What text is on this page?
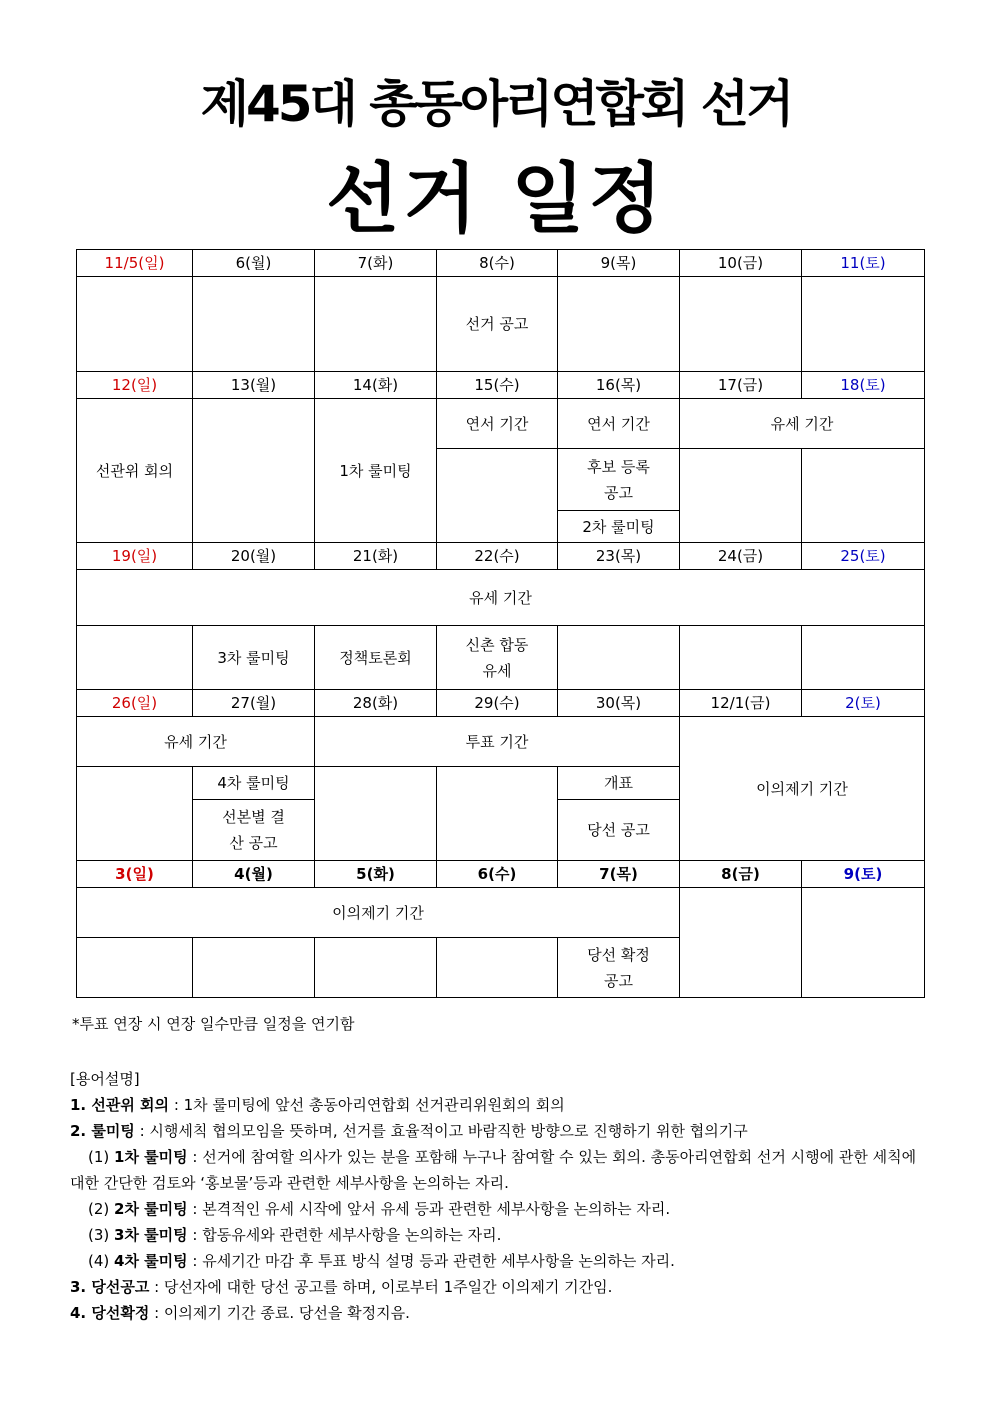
제45대 총동아리연합회 선거
선거 일정
11/5(일)	6(월)	7(화)	8(수)	9(목)	10(금)	11(토)
			선거 공고			
12(일)	13(월)	14(화)	15(수)	16(목)	17(금)	18(토)
선관위 회의		1차 룰미팅	연서 기간	연서 기간	유세 기간	
				후보 등록 공고		
				2차 룰미팅		
19(일)	20(월)	21(화)	22(수)	23(목)	24(금)	25(토)
유세 기간						
	3차 룰미팅	정책토론회	신촌 합동유세			
26(일)	27(월)	28(화)	29(수)	30(목)	12/1(금)	2(토)
유세 기간		투표 기간			이의제기 기간	
	4차 룰미팅			개표		
	선본별 결산 공고			당선 공고		
3(일)	4(월)	5(화)	6(수)	7(목)	8(금)	9(토)
이의제기 기간						
				당선 확정 공고		
*투표 연장 시 연장 일수만큼 일정을 연기함

[용어설명]

1. 선관위 회의 : 1차 룰미팅에 앞선 총동아리연합회 선거관리위원회의 회의

2. 룰미팅 : 시행세칙 협의모임을 뜻하며, 선거를 효율적이고 바람직한 방향으로 진행하기 위한 협의기구

(1) 1차 룰미팅 : 선거에 참여할 의사가 있는 분을 포함해 누구나 참여할 수 있는 회의. 총동아리연합회 선거 시행에 관한 세칙에 대한 간단한 검토와 ‘홍보물’등과 관련한 세부사항을 논의하는 자리.

(2) 2차 룰미팅 : 본격적인 유세 시작에 앞서 유세 등과 관련한 세부사항을 논의하는 자리.

(3) 3차 룰미팅 : 합동유세와 관련한 세부사항을 논의하는 자리.

(4) 4차 룰미팅 : 유세기간 마감 후 투표 방식 설명 등과 관련한 세부사항을 논의하는 자리.

3. 당선공고 : 당선자에 대한 당선 공고를 하며, 이로부터 1주일간 이의제기 기간임.

4. 당선확정 : 이의제기 기간 종료. 당선을 확정지음.
